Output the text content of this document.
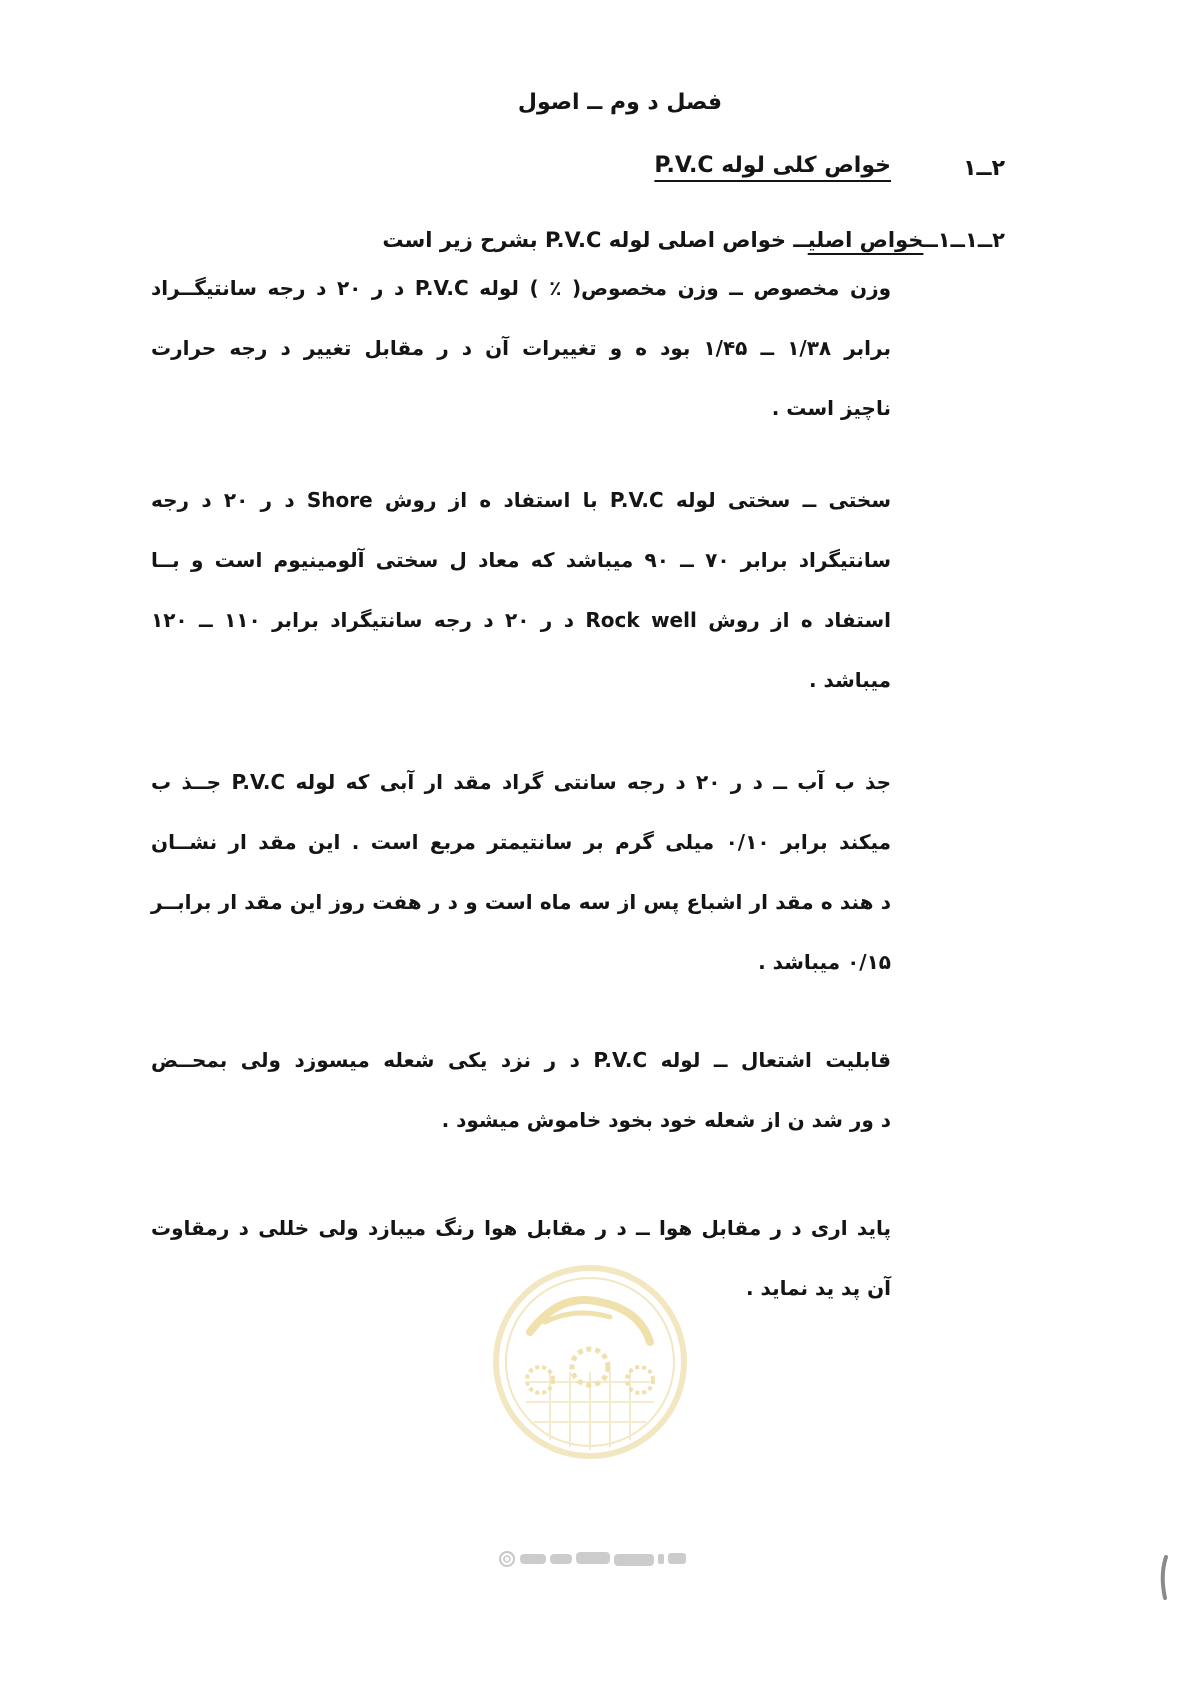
فصل د وم ــ اصول
۲ــ۱
خواص کلی لوله P.V.C
۲ــ۱ــ۱ــخواص اصلیــ خواص اصلی لوله P.V.C بشرح زیر است
وزن مخصوص ــ وزن مخصوص( ٪ ) لوله P.V.C د ر ۲۰ د رجه سانتیگــراد
برابر ۱/۳۸ ــ ۱/۴۵ بود ه و تغییرات آن د ر مقابل تغییر د رجه حرارت
ناچیز است .
سختی ــ سختی لوله P.V.C با استفاد ه از روش Shore د ر ۲۰ د رجه
سانتیگراد برابر ۷۰ ــ ۹۰ میباشد که معاد ل سختی آلومینیوم است و بــا
استفاد ه از روش Rock well د ر ۲۰ د رجه سانتیگراد برابر ۱۱۰ ــ ۱۲۰
میباشد .
جذ ب آب ــ د ر ۲۰ د رجه سانتی گراد مقد ار آبی که لوله P.V.C جــذ ب
میکند برابر ۰/۱۰ میلی گرم بر سانتیمتر مربع است . این مقد ار نشــان
د هند ه مقد ار اشباع پس از سه ماه است و د ر هفت روز این مقد ار برابــر
۰/۱۵ میباشد .
قابلیت اشتعال ــ لوله P.V.C د ر نزد یکی شعله میسوزد ولی بمحــض
د ور شد ن از شعله خود بخود خاموش میشود .
پاید اری د ر مقابل هوا ــ د ر مقابل هوا رنگ میبازد ولی خللی د رمقاوت
آن پد ید نماید .
